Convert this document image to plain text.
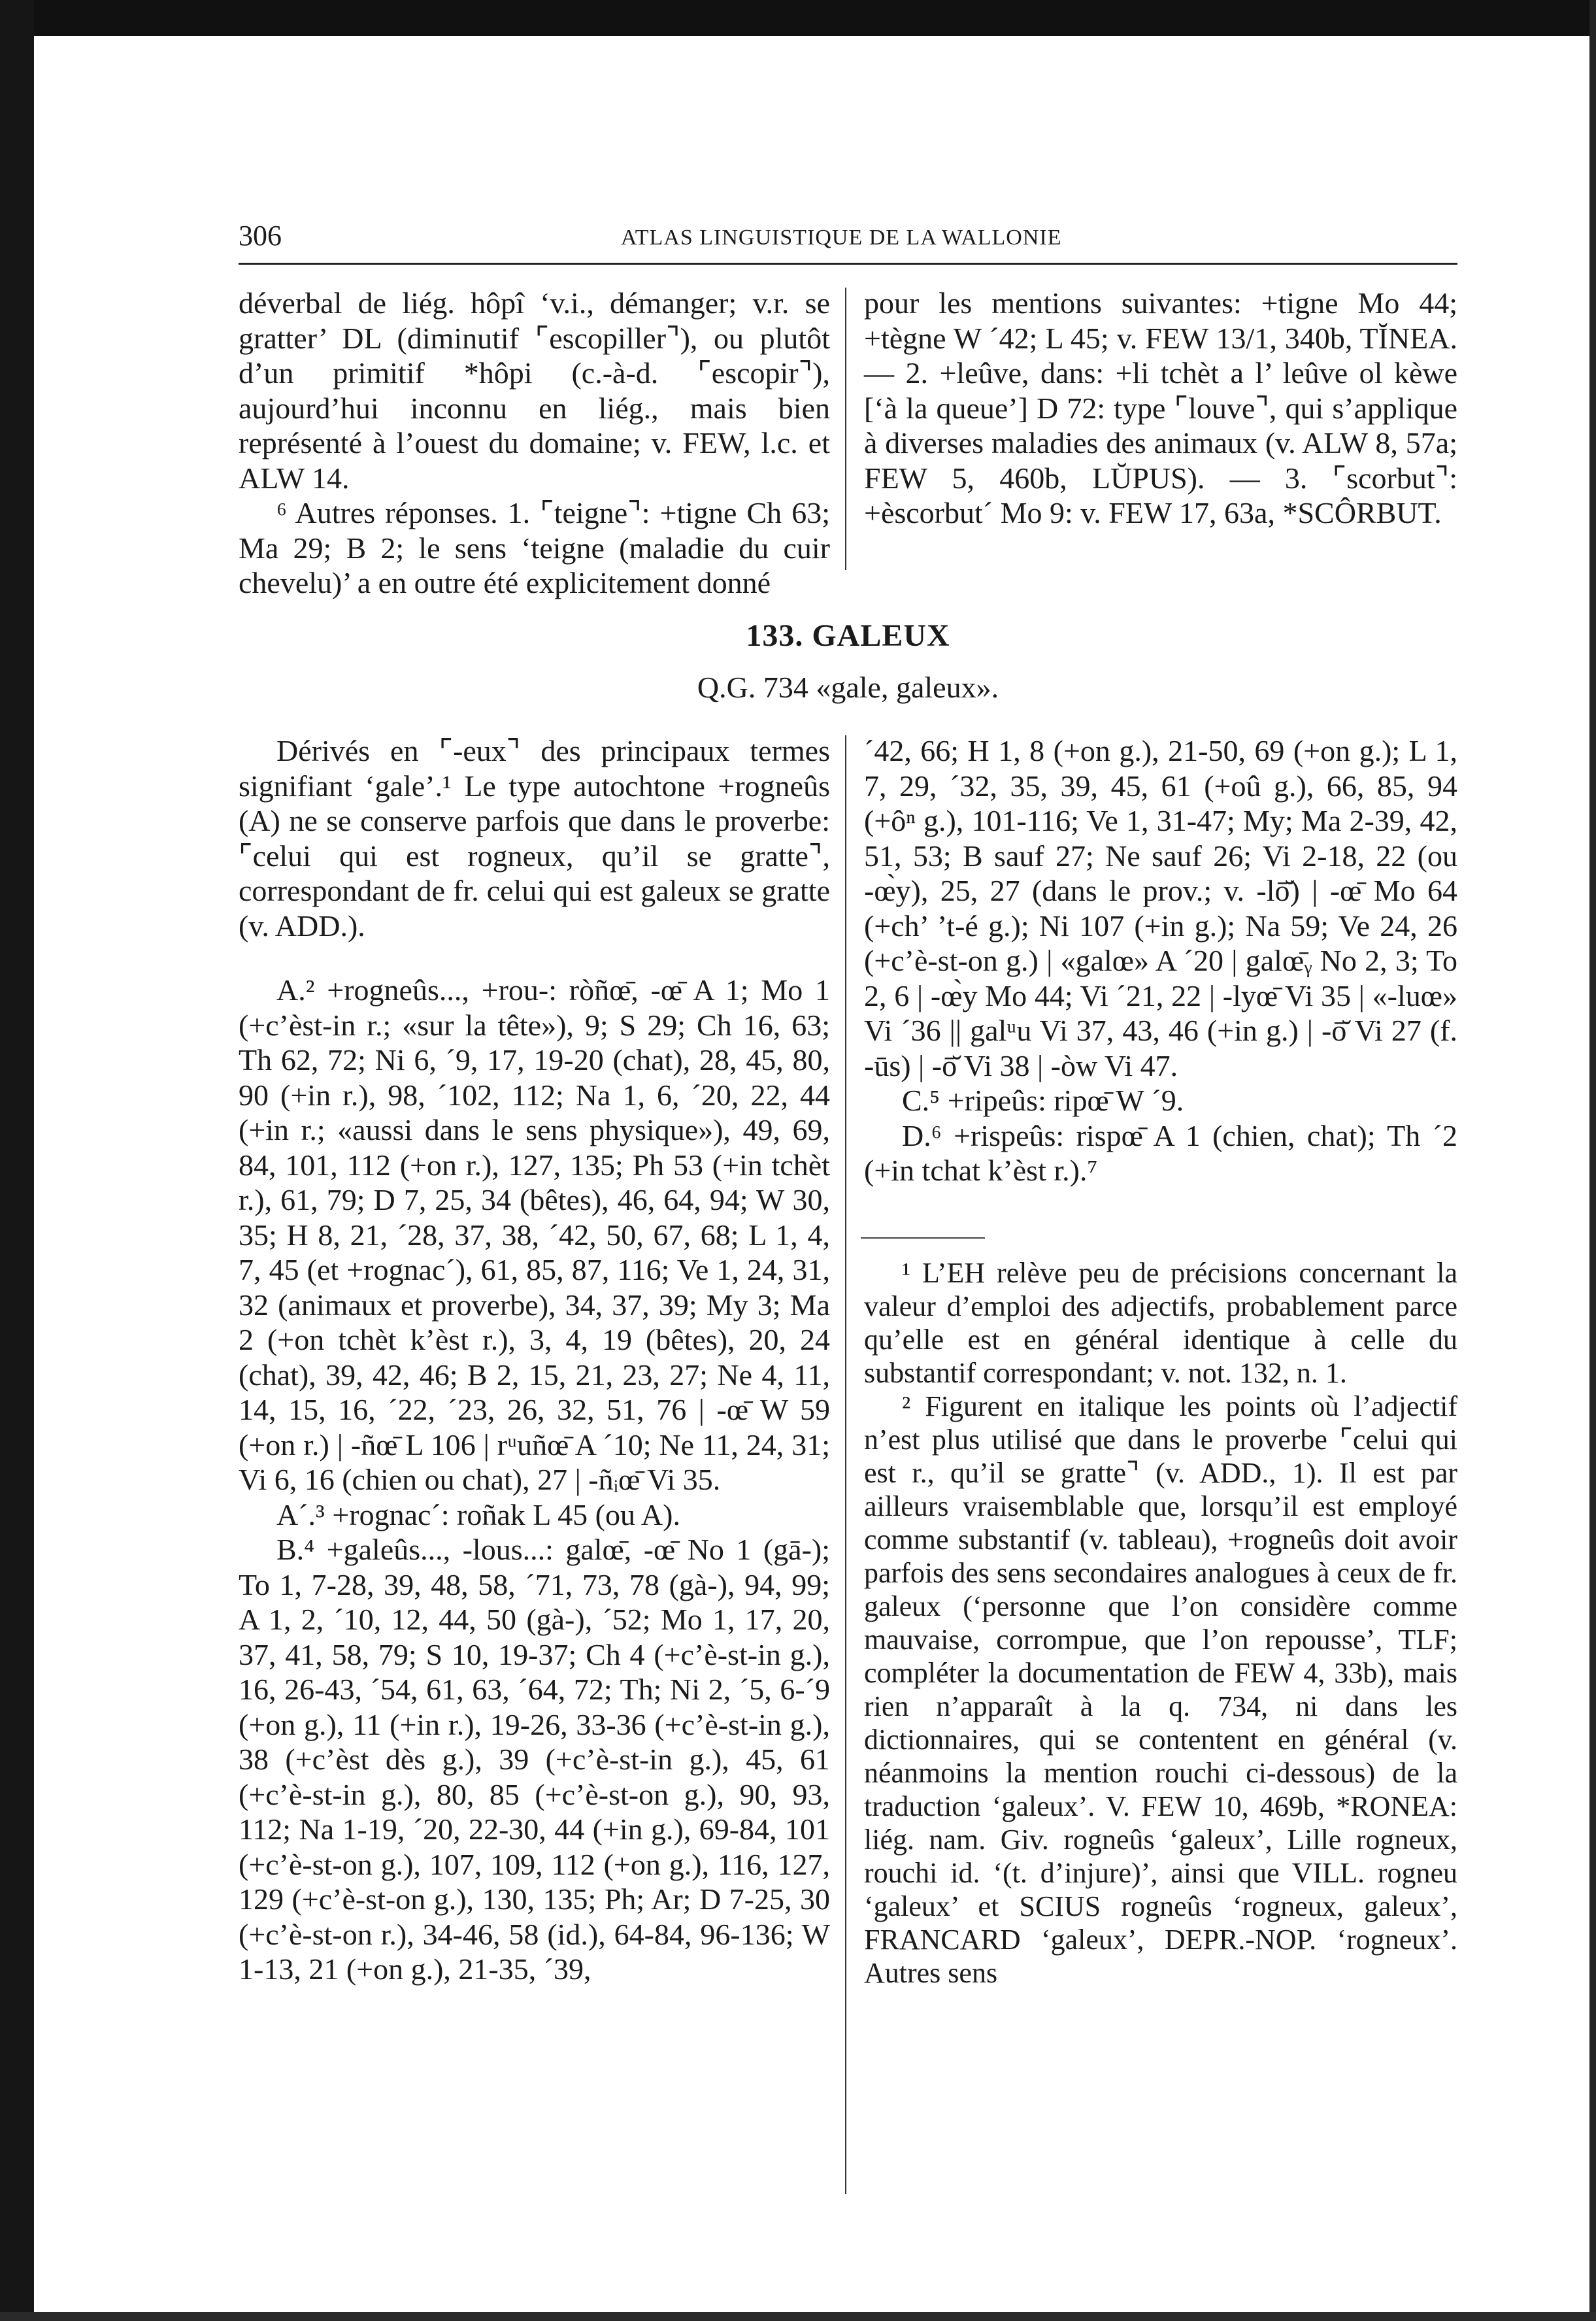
306	ATLAS LINGUISTIQUE DE LA WALLONIE

déverbal de liég. hôpî ‘v.i., démanger; v.r. se gratter’ DL (diminutif ⌜escopiller⌝), ou plutôt d’un primitif *hôpi (c.-à-d. ⌜escopir⌝), aujourd’hui inconnu en liég., mais bien représenté à l’ouest du domaine; v. FEW, l.c. et ALW 14.

⁶ Autres réponses. 1. ⌜teigne⌝: +tigne Ch 63; Ma 29; B 2; le sens ‘teigne (maladie du cuir chevelu)’ a en outre été explicitement donné

pour les mentions suivantes: +tigne Mo 44; +tègne W ´42; L 45; v. FEW 13/1, 340b, TĬNEA. — 2. +leûve, dans: +li tchèt a l’ leûve ol kèwe [‘à la queue’] D 72: type ⌜louve⌝, qui s’applique à diverses maladies des animaux (v. ALW 8, 57a; FEW 5, 460b, LŬPUS). — 3. ⌜scorbut⌝: +èscorbut´ Mo 9: v. FEW 17, 63a, *SCÔRBUT.

133. GALEUX
Q.G. 734 «gale, galeux».

Dérivés en ⌜-eux⌝ des principaux termes signifiant ‘gale’.¹ Le type autochtone +rogneûs (A) ne se conserve parfois que dans le proverbe: ⌜celui qui est rogneux, qu’il se gratte⌝, correspondant de fr. celui qui est galeux se gratte (v. ADD.).

A.² +rogneûs..., +rou-: ròñœ̄, -œ̄ A 1; Mo 1 (+c’èst-in r.; «sur la tête»), 9; S 29; Ch 16, 63; Th 62, 72; Ni 6, ´9, 17, 19-20 (chat), 28, 45, 80, 90 (+in r.), 98, ´102, 112; Na 1, 6, ´20, 22, 44 (+in r.; «aussi dans le sens physique»), 49, 69, 84, 101, 112 (+on r.), 127, 135; Ph 53 (+in tchèt r.), 61, 79; D 7, 25, 34 (bêtes), 46, 64, 94; W 30, 35; H 8, 21, ´28, 37, 38, ´42, 50, 67, 68; L 1, 4, 7, 45 (et +rognac´), 61, 85, 87, 116; Ve 1, 24, 31, 32 (animaux et proverbe), 34, 37, 39; My 3; Ma 2 (+on tchèt k’èst r.), 3, 4, 19 (bêtes), 20, 24 (chat), 39, 42, 46; B 2, 15, 21, 23, 27; Ne 4, 11, 14, 15, 16, ´22, ´23, 26, 32, 51, 76 | -œ̄ W 59 (+on r.) | -ñœ̄ L 106 | rᵘuñœ̄ A ´10; Ne 11, 24, 31; Vi 6, 16 (chien ou chat), 27 | -ñᵢœ̄ Vi 35.

A´.³ +rognac´: roñak L 45 (ou A).

B.⁴ +galeûs..., -lous...: galœ̄, -œ̄ No 1 (gā-); To 1, 7-28, 39, 48, 58, ´71, 73, 78 (gà-), 94, 99; A 1, 2, ´10, 12, 44, 50 (gà-), ´52; Mo 1, 17, 20, 37, 41, 58, 79; S 10, 19-37; Ch 4 (+c’è-st-in g.), 16, 26-43, ´54, 61, 63, ´64, 72; Th; Ni 2, ´5, 6-´9 (+on g.), 11 (+in r.), 19-26, 33-36 (+c’è-st-in g.), 38 (+c’èst dès g.), 39 (+c’è-st-in g.), 45, 61 (+c’è-st-in g.), 80, 85 (+c’è-st-on g.), 90, 93, 112; Na 1-19, ´20, 22-30, 44 (+in g.), 69-84, 101 (+c’è-st-on g.), 107, 109, 112 (+on g.), 116, 127, 129 (+c’è-st-on g.), 130, 135; Ph; Ar; D 7-25, 30 (+c’è-st-on r.), 34-46, 58 (id.), 64-84, 96-136; W 1-13, 21 (+on g.), 21-35, ´39,

´42, 66; H 1, 8 (+on g.), 21-50, 69 (+on g.); L 1, 7, 29, ´32, 35, 39, 45, 61 (+oû g.), 66, 85, 94 (+ôⁿ g.), 101-116; Ve 1, 31-47; My; Ma 2-39, 42, 51, 53; B sauf 27; Ne sauf 26; Vi 2-18, 22 (ou -œ̀y), 25, 27 (dans le prov.; v. -lō̆) | -œ̄ Mo 64 (+ch’ ’t-é g.); Ni 107 (+in g.); Na 59; Ve 24, 26 (+c’è-st-on g.) | «galœ» A ´20 | galœ̄ᵧ No 2, 3; To 2, 6 | -œ̀y Mo 44; Vi ´21, 22 | -lyœ̄ Vi 35 | «-luœ» Vi ´36 || galᵘu Vi 37, 43, 46 (+in g.) | -ō̆ Vi 27 (f. -ūs) | -ō̆ Vi 38 | -òw Vi 47.

C.⁵ +ripeûs: ripœ̄ W ´9.

D.⁶ +rispeûs: rispœ̄ A 1 (chien, chat); Th ´2 (+in tchat k’èst r.).⁷

¹ L’EH relève peu de précisions concernant la valeur d’emploi des adjectifs, probablement parce qu’elle est en général identique à celle du substantif correspondant; v. not. 132, n. 1.

² Figurent en italique les points où l’adjectif n’est plus utilisé que dans le proverbe ⌜celui qui est r., qu’il se gratte⌝ (v. ADD., 1). Il est par ailleurs vraisemblable que, lorsqu’il est employé comme substantif (v. tableau), +rogneûs doit avoir parfois des sens secondaires analogues à ceux de fr. galeux (‘personne que l’on considère comme mauvaise, corrompue, que l’on repousse’, TLF; compléter la documentation de FEW 4, 33b), mais rien n’apparaît à la q. 734, ni dans les dictionnaires, qui se contentent en général (v. néanmoins la mention rouchi ci-dessous) de la traduction ‘galeux’. V. FEW 10, 469b, *RONEA: liég. nam. Giv. rogneûs ‘galeux’, Lille rogneux, rouchi id. ‘(t. d’injure)’, ainsi que VILL. rogneu ‘galeux’ et SCIUS rogneûs ‘rogneux, galeux’, FRANCARD ‘galeux’, DEPR.-NOP. ‘rogneux’. Autres sens
